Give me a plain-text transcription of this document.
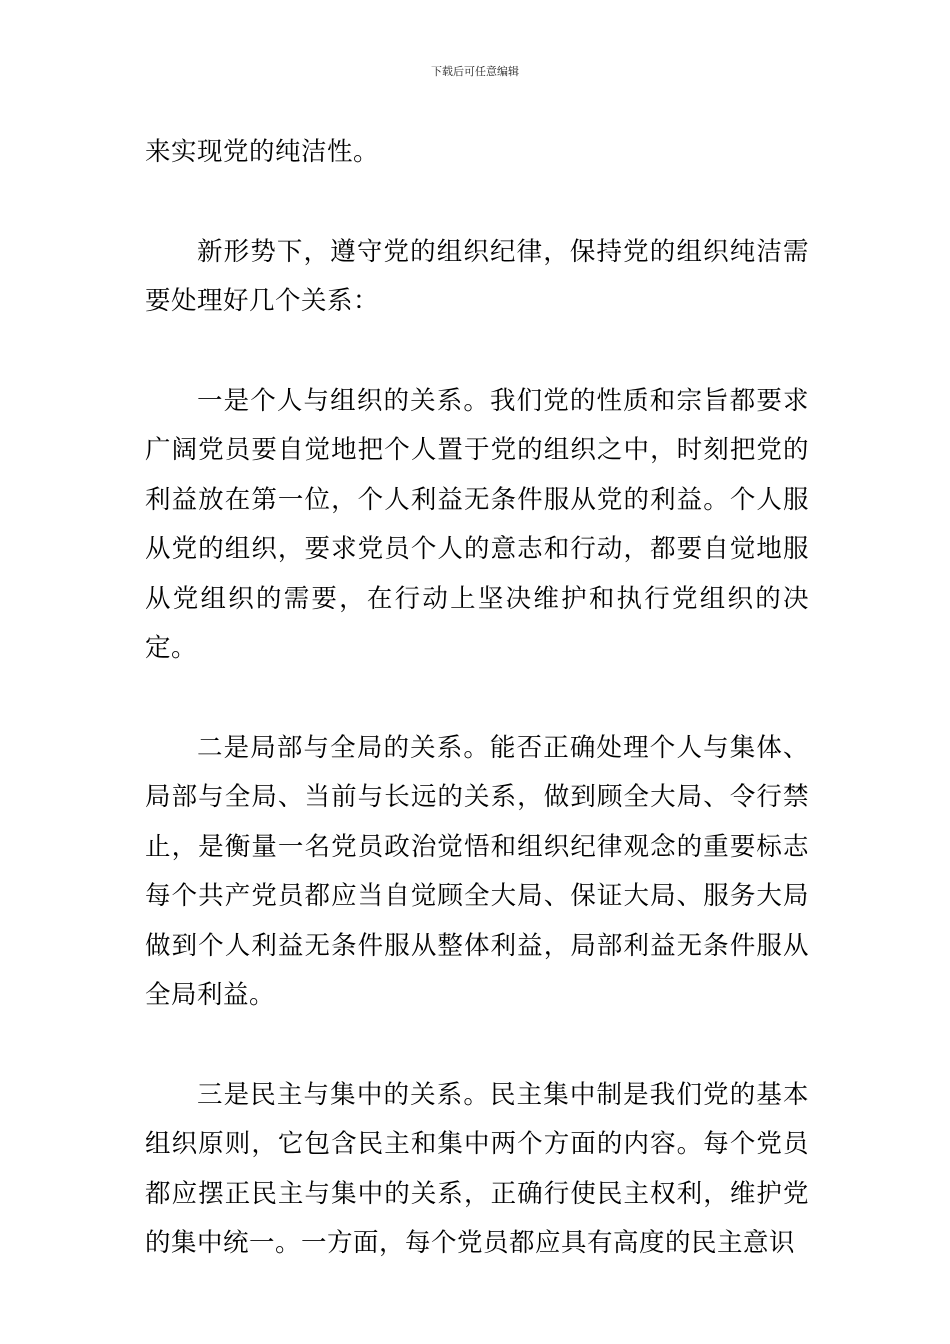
下载后可任意编辑

来实现党的纯洁性。

新形势下，遵守党的组织纪律，保持党的组织纯洁需要处理好几个关系：

一是个人与组织的关系。我们党的性质和宗旨都要求广阔党员要自觉地把个人置于党的组织之中，时刻把党的利益放在第一位，个人利益无条件服从党的利益。个人服从党的组织，要求党员个人的意志和行动，都要自觉地服从党组织的需要，在行动上坚决维护和执行党组织的决定。

二是局部与全局的关系。能否正确处理个人与集体、局部与全局、当前与长远的关系，做到顾全大局、令行禁止，是衡量一名党员政治觉悟和组织纪律观念的重要标志每个共产党员都应当自觉顾全大局、保证大局、服务大局做到个人利益无条件服从整体利益，局部利益无条件服从全局利益。

三是民主与集中的关系。民主集中制是我们党的基本组织原则，它包含民主和集中两个方面的内容。每个党员都应摆正民主与集中的关系，正确行使民主权利，维护党的集中统一。一方面，每个党员都应具有高度的民主意识
